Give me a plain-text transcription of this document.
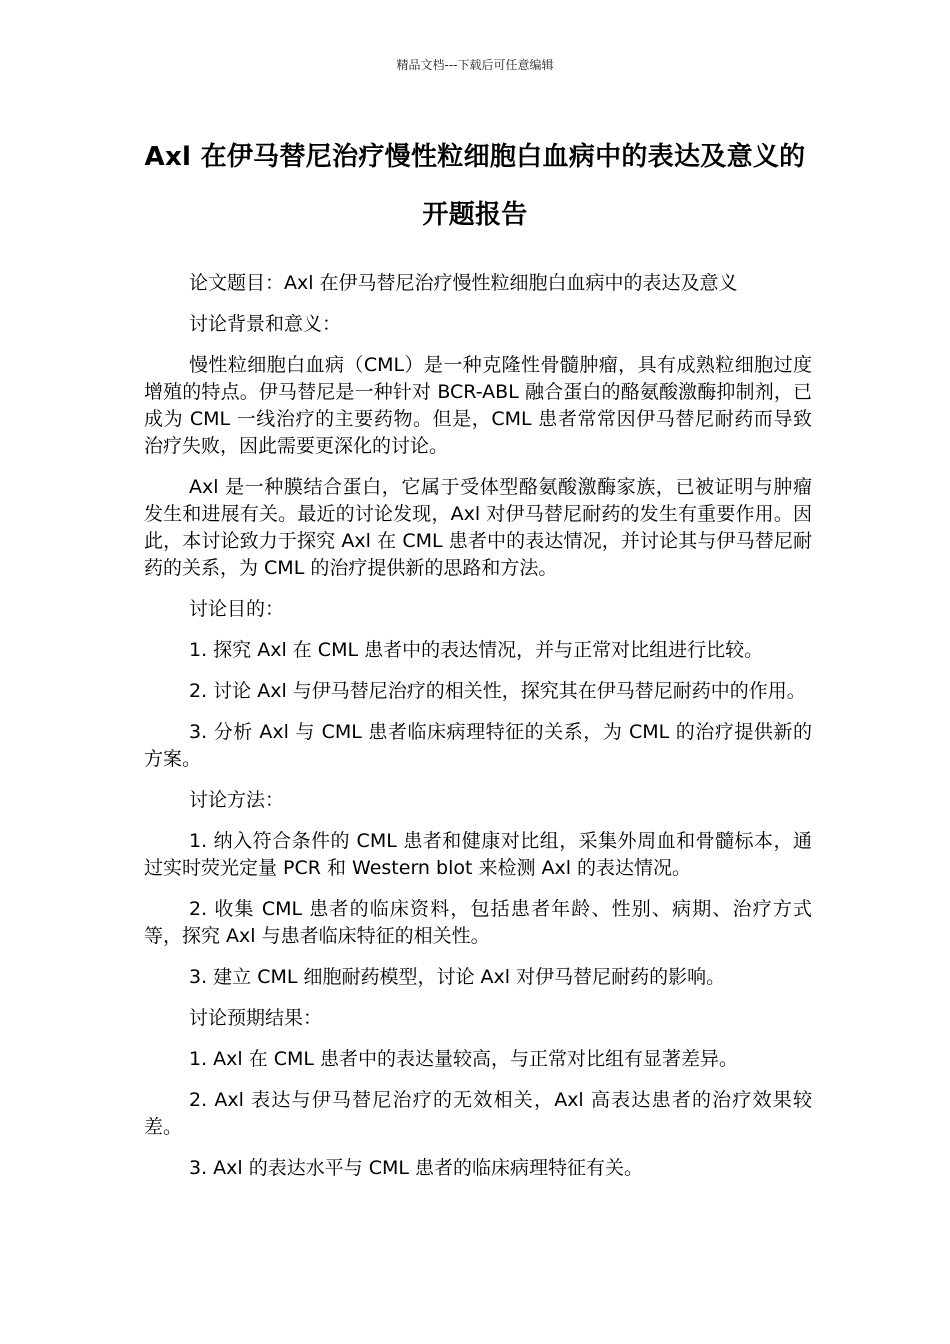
精品文档---下载后可任意编辑
Axl 在伊马替尼治疗慢性粒细胞白血病中的表达及意义的开题报告

论文题目：Axl 在伊马替尼治疗慢性粒细胞白血病中的表达及意义

讨论背景和意义：

慢性粒细胞白血病（CML）是一种克隆性骨髓肿瘤，具有成熟粒细胞过度增殖的特点。伊马替尼是一种针对 BCR-ABL 融合蛋白的酪氨酸激酶抑制剂，已成为 CML 一线治疗的主要药物。但是，CML 患者常常因伊马替尼耐药而导致治疗失败，因此需要更深化的讨论。

Axl 是一种膜结合蛋白，它属于受体型酪氨酸激酶家族，已被证明与肿瘤发生和进展有关。最近的讨论发现，Axl 对伊马替尼耐药的发生有重要作用。因此，本讨论致力于探究 Axl 在 CML 患者中的表达情况，并讨论其与伊马替尼耐药的关系，为 CML 的治疗提供新的思路和方法。

讨论目的：

1. 探究 Axl 在 CML 患者中的表达情况，并与正常对比组进行比较。

2. 讨论 Axl 与伊马替尼治疗的相关性，探究其在伊马替尼耐药中的作用。

3. 分析 Axl 与 CML 患者临床病理特征的关系，为 CML 的治疗提供新的方案。

讨论方法：

1. 纳入符合条件的 CML 患者和健康对比组，采集外周血和骨髓标本，通过实时荧光定量 PCR 和 Western blot 来检测 Axl 的表达情况。

2. 收集 CML 患者的临床资料，包括患者年龄、性别、病期、治疗方式等，探究 Axl 与患者临床特征的相关性。

3. 建立 CML 细胞耐药模型，讨论 Axl 对伊马替尼耐药的影响。

讨论预期结果：

1. Axl 在 CML 患者中的表达量较高，与正常对比组有显著差异。

2. Axl 表达与伊马替尼治疗的无效相关，Axl 高表达患者的治疗效果较差。

3. Axl 的表达水平与 CML 患者的临床病理特征有关。
